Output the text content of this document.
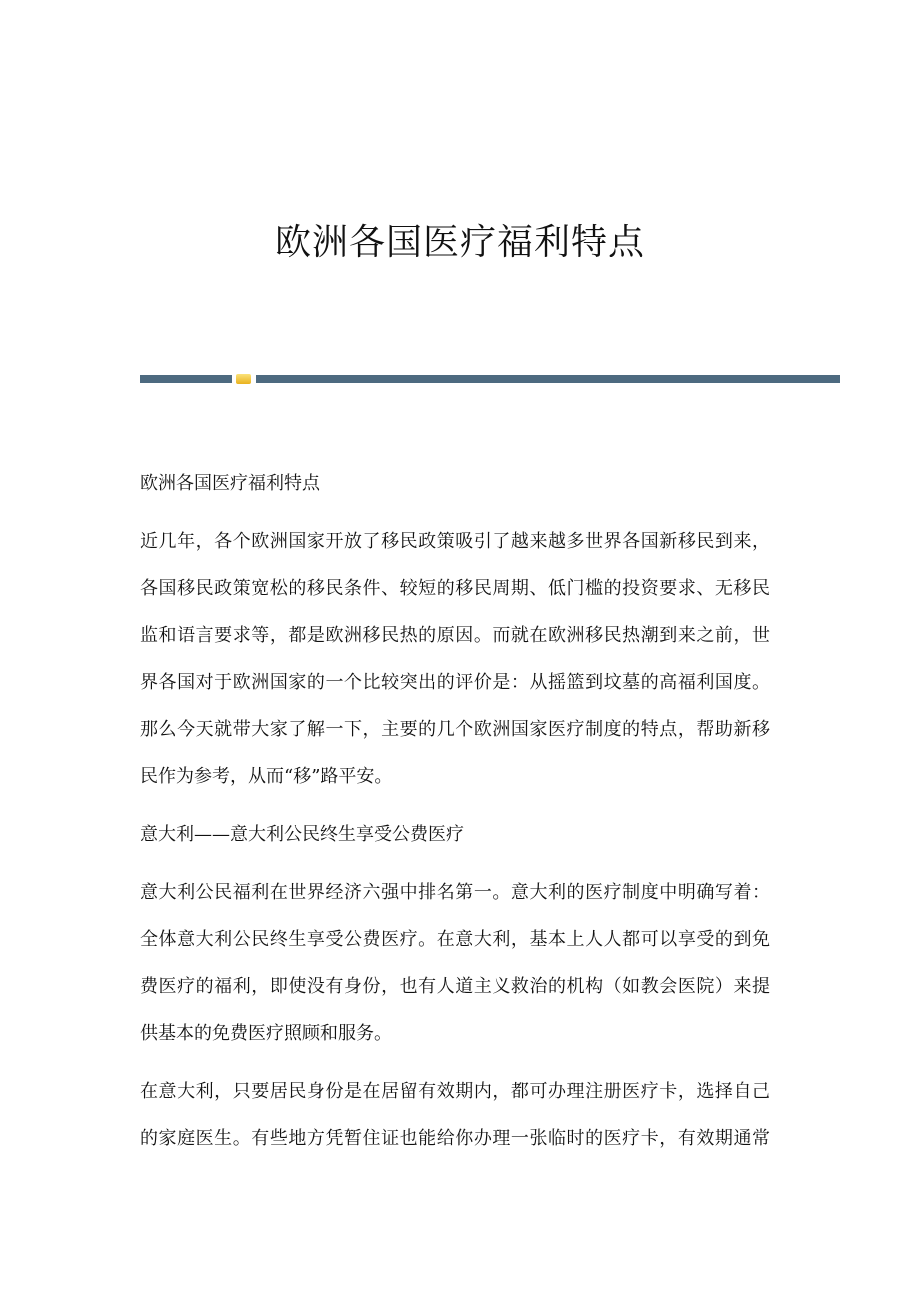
欧洲各国医疗福利特点
欧洲各国医疗福利特点
近几年，各个欧洲国家开放了移民政策吸引了越来越多世界各国新移民到来，
各国移民政策宽松的移民条件、较短的移民周期、低门槛的投资要求、无移民
监和语言要求等，都是欧洲移民热的原因。而就在欧洲移民热潮到来之前，世
界各国对于欧洲国家的一个比较突出的评价是：从摇篮到坟墓的高福利国度。
那么今天就带大家了解一下，主要的几个欧洲国家医疗制度的特点，帮助新移
民作为参考，从而“移”路平安。
意大利——意大利公民终生享受公费医疗
意大利公民福利在世界经济六强中排名第一。意大利的医疗制度中明确写着：
全体意大利公民终生享受公费医疗。在意大利，基本上人人都可以享受的到免
费医疗的福利，即使没有身份，也有人道主义救治的机构（如教会医院）来提
供基本的免费医疗照顾和服务。
在意大利，只要居民身份是在居留有效期内，都可办理注册医疗卡，选择自己
的家庭医生。有些地方凭暂住证也能给你办理一张临时的医疗卡，有效期通常
